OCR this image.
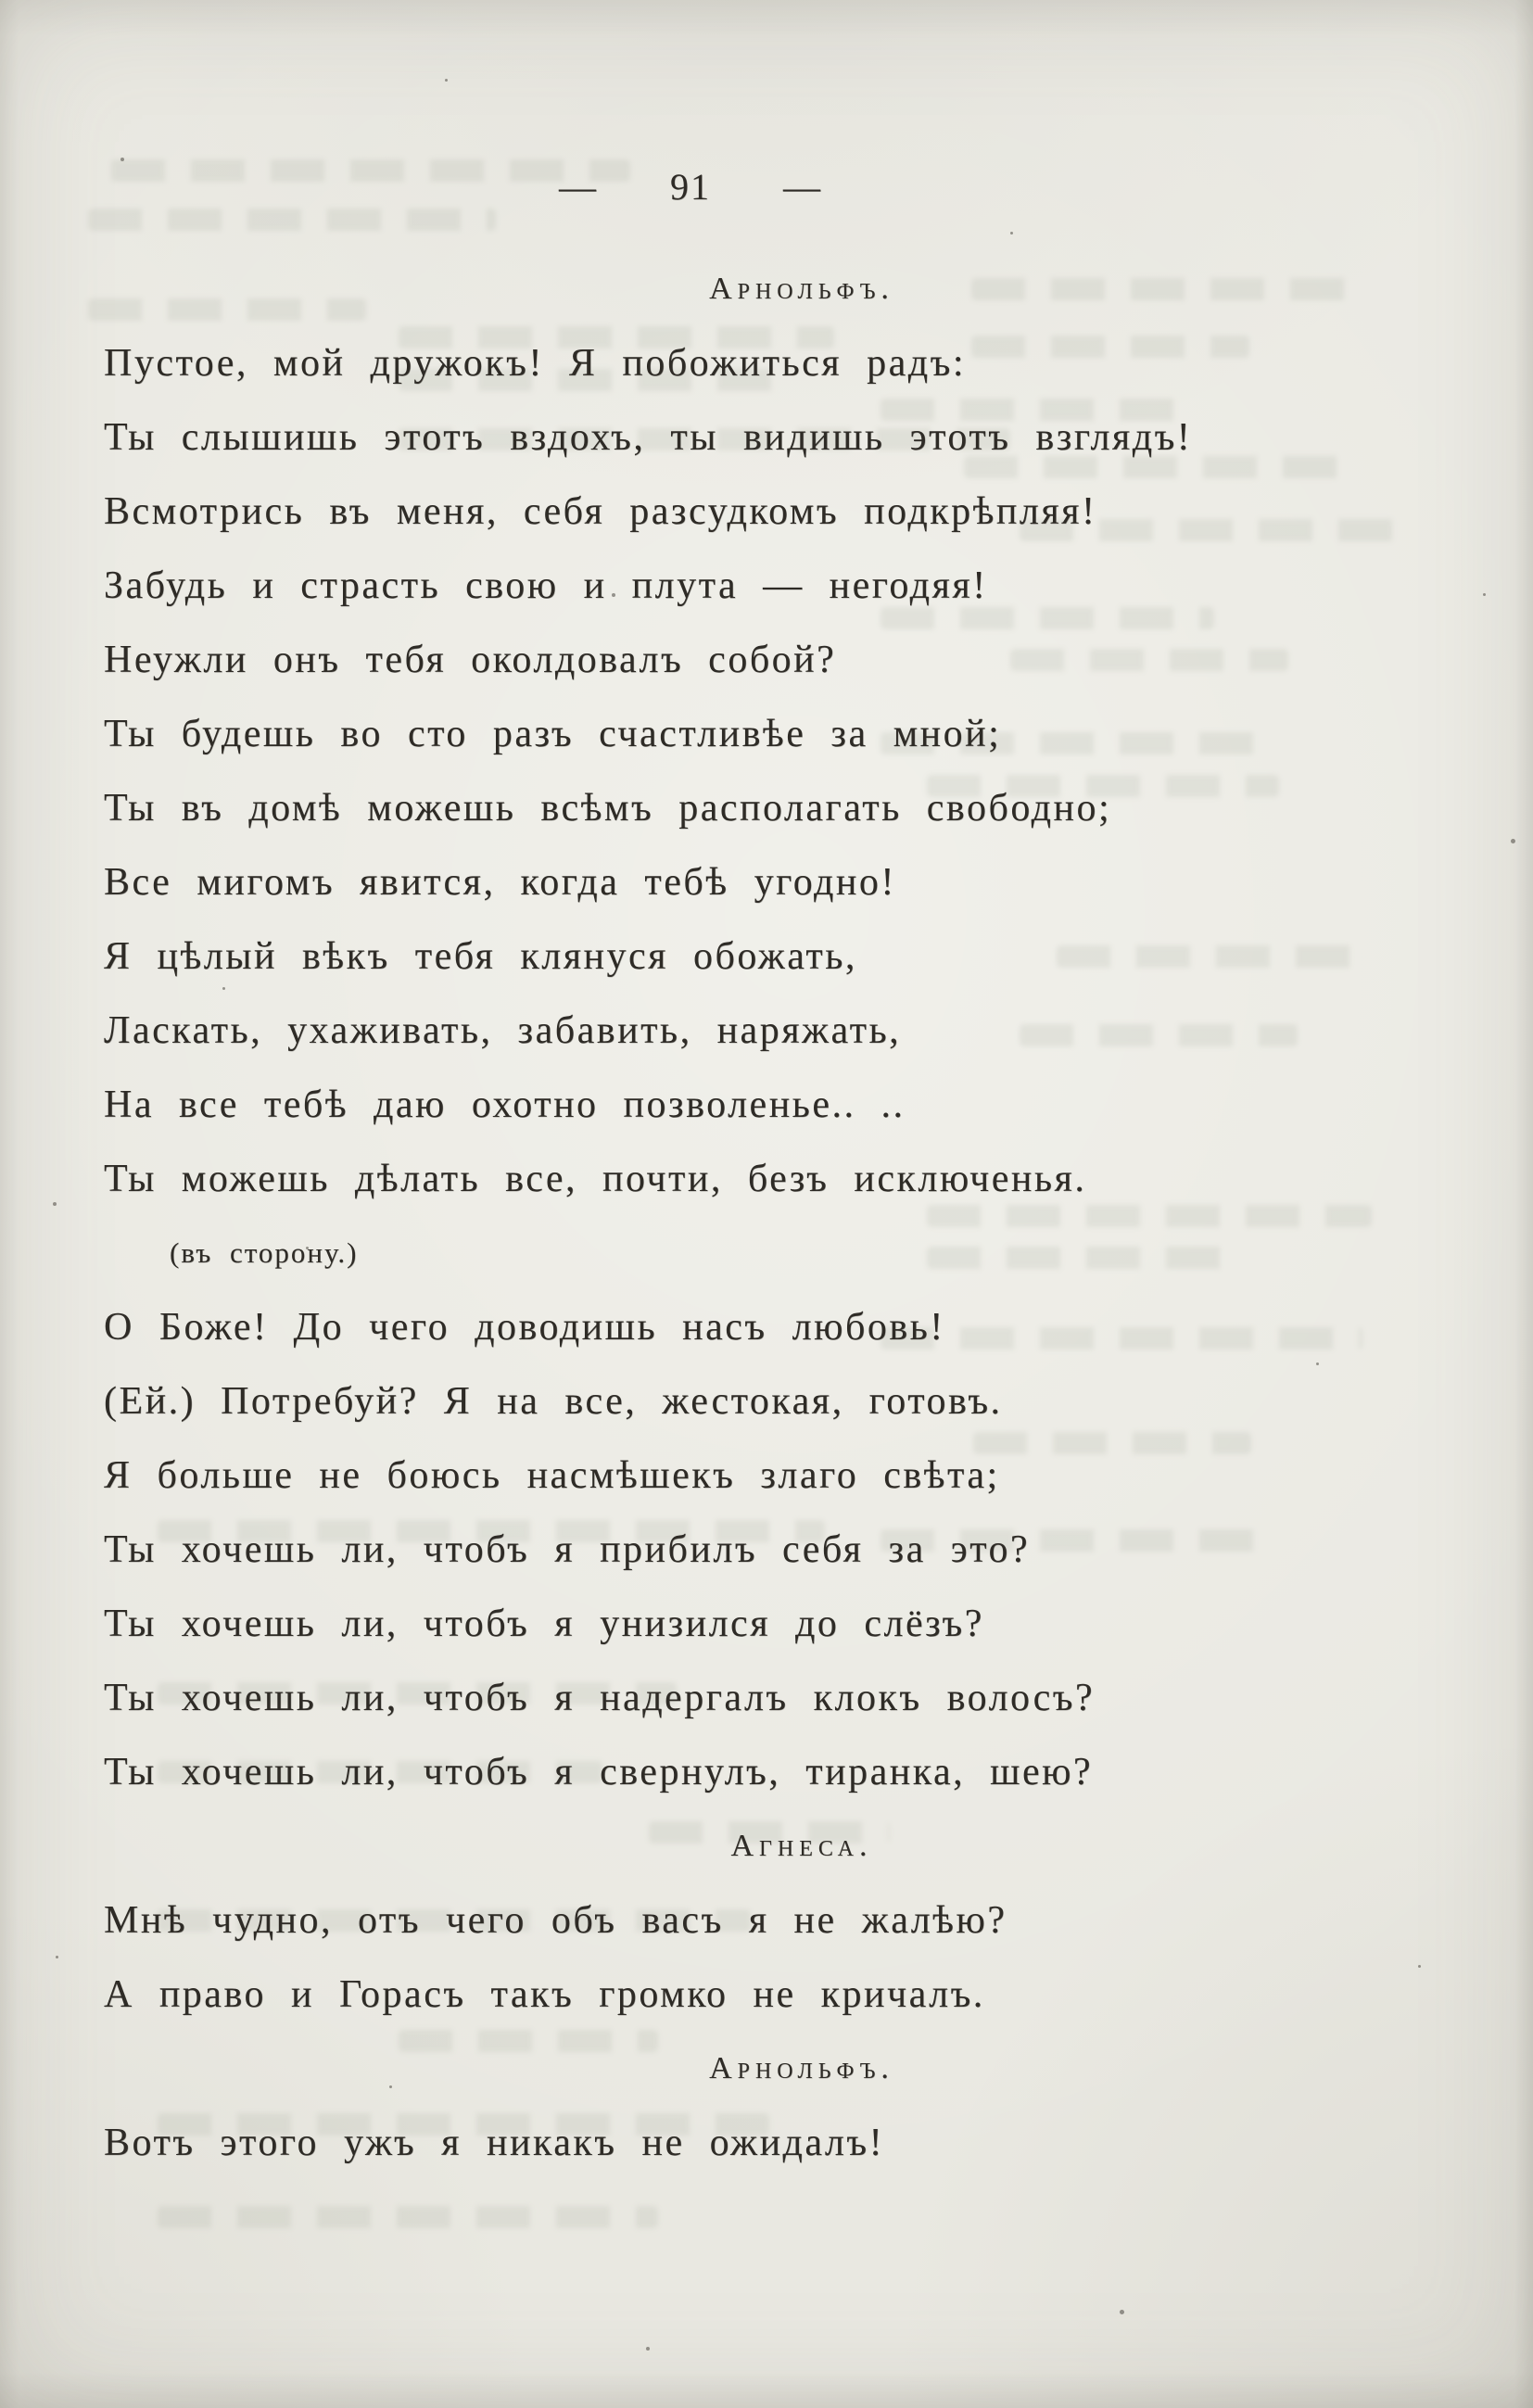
— 91 —
Арнольфъ.
Пустое, мой дружокъ! Я побожиться радъ:
Ты слышишь этотъ вздохъ, ты видишь этотъ взглядъ!
Всмотрись въ меня, себя разсудкомъ подкрѣпляя!
Забудь и страсть свою и плута — негодяя!
Неужли онъ тебя околдовалъ собой?
Ты будешь во сто разъ счастливѣе за мной;
Ты въ домѣ можешь всѣмъ располагать свободно;
Все мигомъ явится, когда тебѣ угодно!
Я цѣлый вѣкъ тебя клянуся обожать,
Ласкать, ухаживать, забавить, наряжать,
На все тебѣ даю охотно позволенье.. ..
Ты можешь дѣлать все, почти, безъ исключенья.
(въ сторону.)
О Боже! До чего доводишь насъ любовь!
(Ей.) Потребуй? Я на все, жестокая, готовъ.
Я больше не боюсь насмѣшекъ злаго свѣта;
Ты хочешь ли, чтобъ я прибилъ себя за это?
Ты хочешь ли, чтобъ я унизился до слёзъ?
Ты хочешь ли, чтобъ я надергалъ клокъ волосъ?
Ты хочешь ли, чтобъ я свернулъ, тиранка, шею?
Агнеса.
Мнѣ чудно, отъ чего объ васъ я не жалѣю?
А право и Горасъ такъ громко не кричалъ.
Арнольфъ.
Вотъ этого ужъ я никакъ не ожидалъ!
